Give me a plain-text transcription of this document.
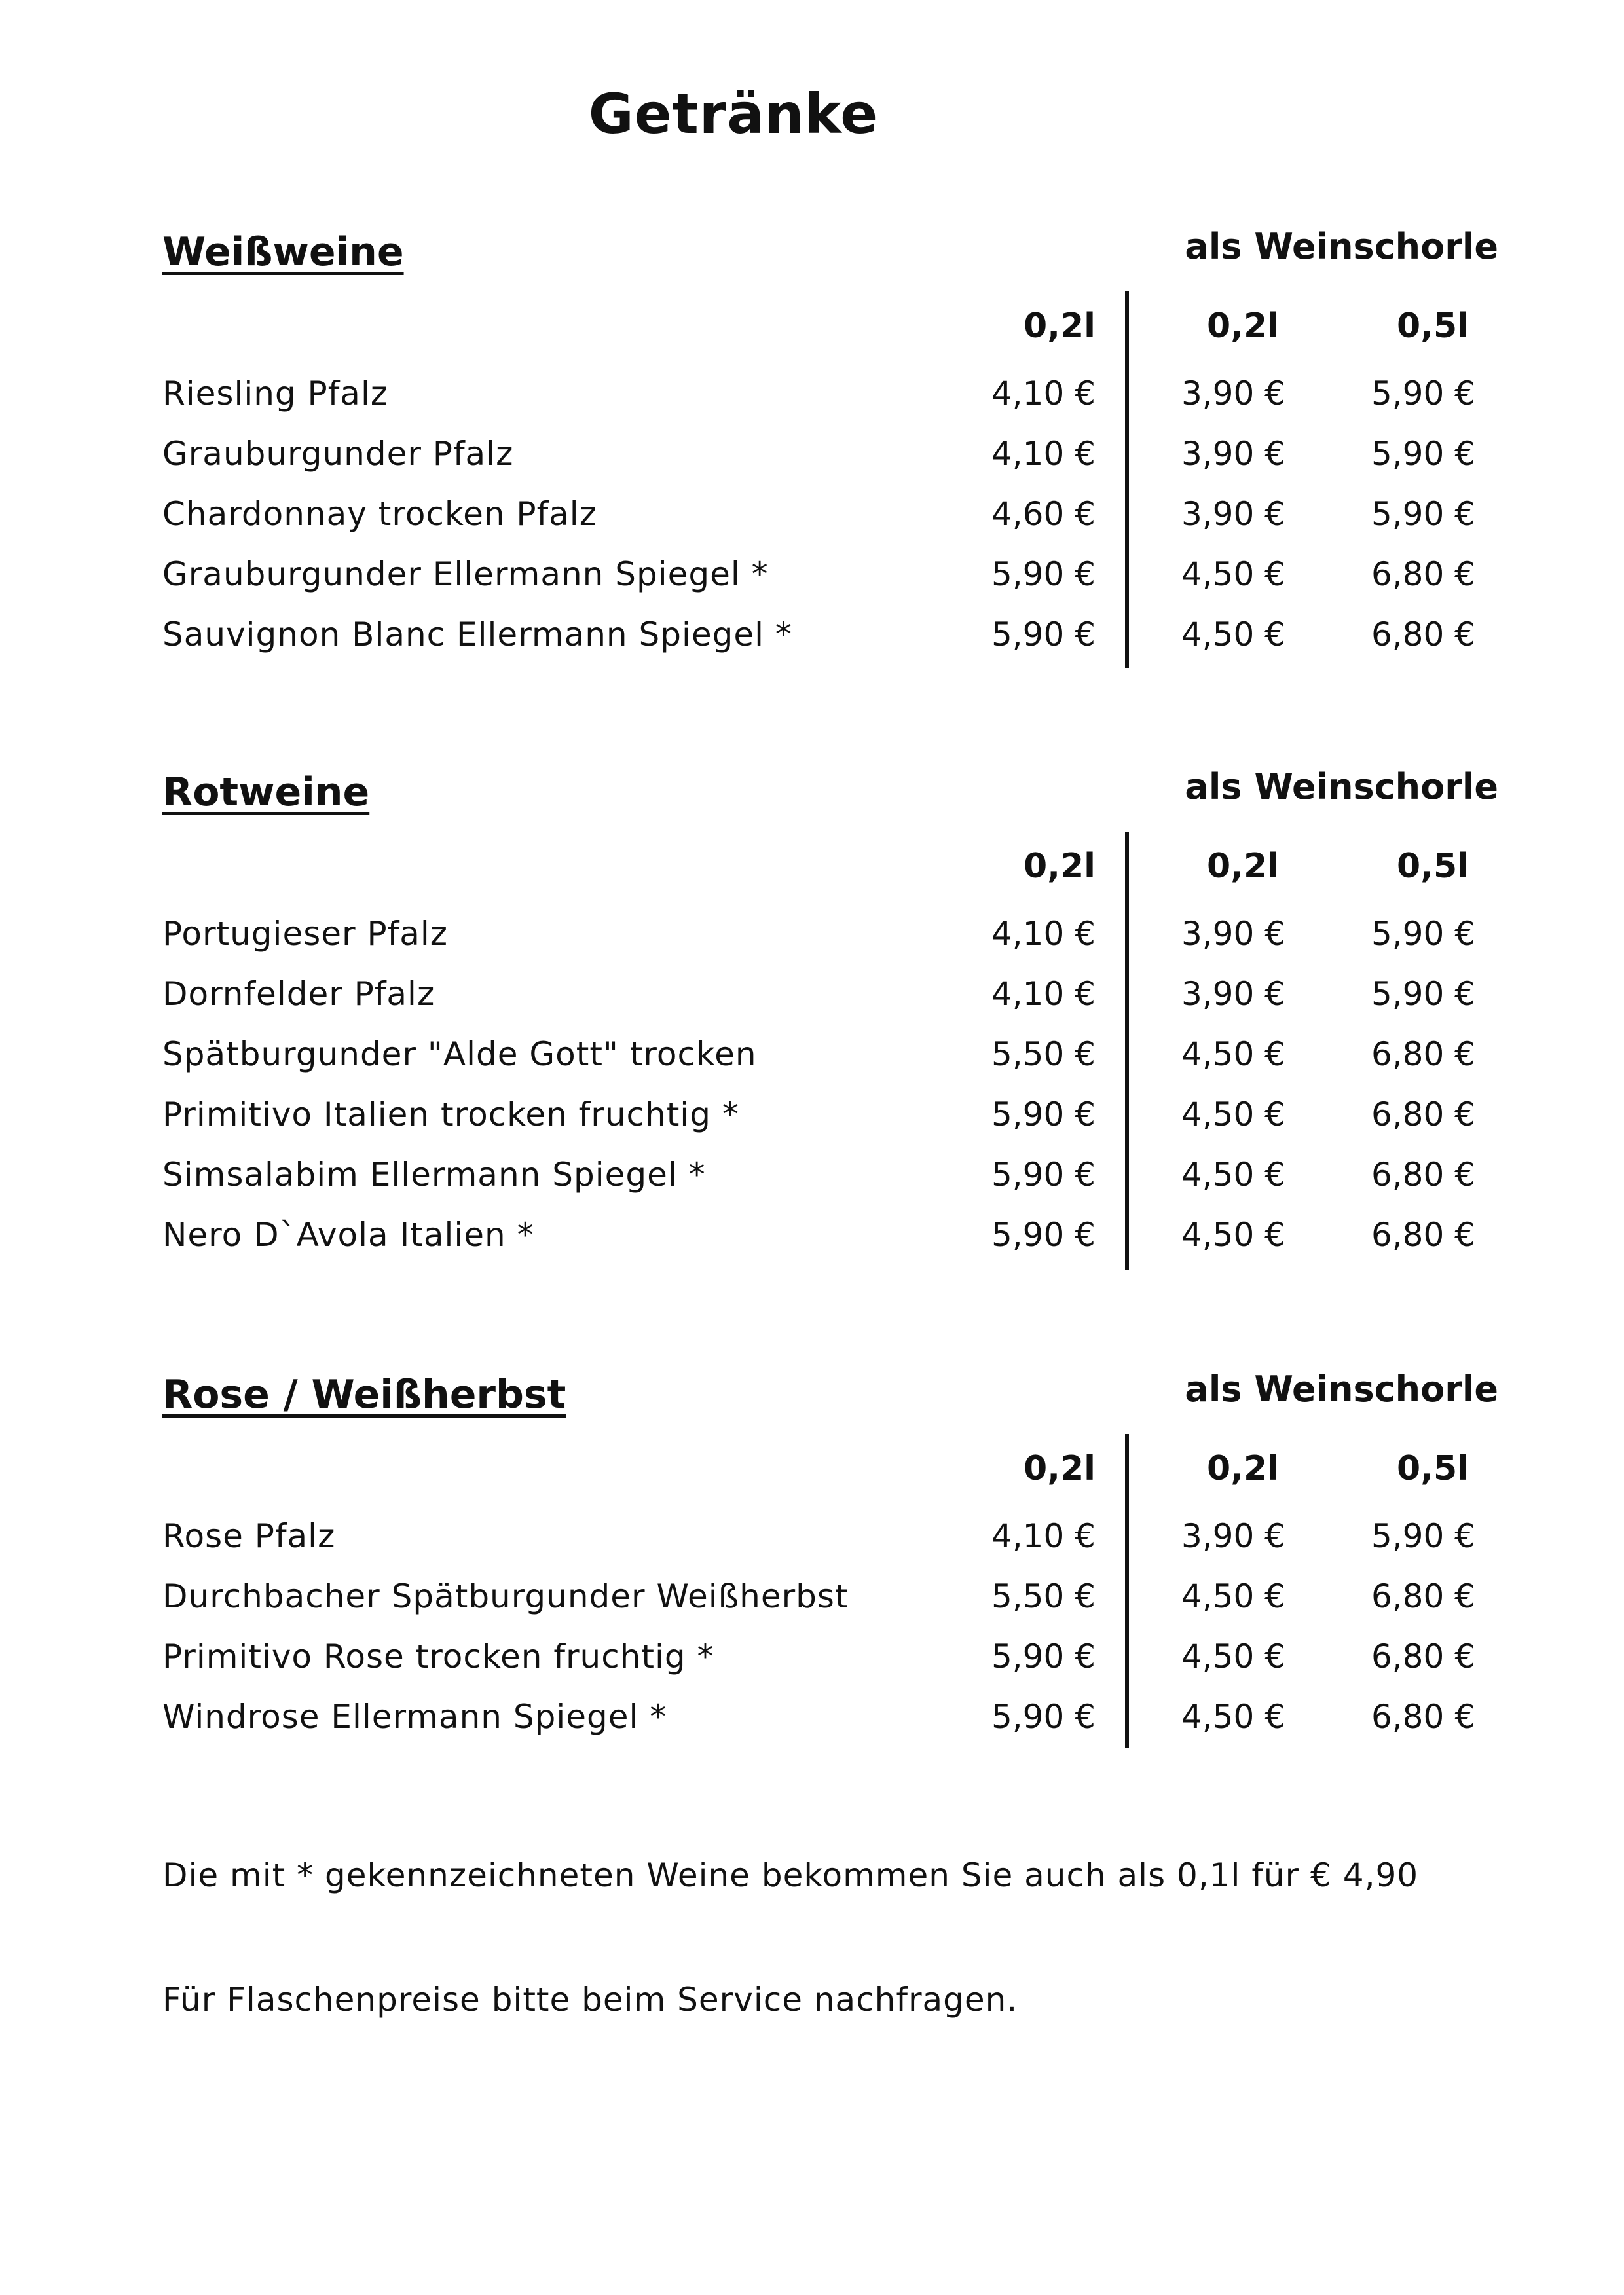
Getränke
Weißweine	als Weinschorle
0,2l	0,2l	0,5l
Riesling Pfalz	4,10 €	3,90 €	5,90 €
Grauburgunder Pfalz	4,10 €	3,90 €	5,90 €
Chardonnay trocken Pfalz	4,60 €	3,90 €	5,90 €
Grauburgunder Ellermann Spiegel *	5,90 €	4,50 €	6,80 €
Sauvignon Blanc Ellermann Spiegel *	5,90 €	4,50 €	6,80 €
Rotweine	als Weinschorle
0,2l	0,2l	0,5l
Portugieser Pfalz	4,10 €	3,90 €	5,90 €
Dornfelder Pfalz	4,10 €	3,90 €	5,90 €
Spätburgunder "Alde Gott" trocken	5,50 €	4,50 €	6,80 €
Primitivo Italien trocken fruchtig *	5,90 €	4,50 €	6,80 €
Simsalabim Ellermann Spiegel *	5,90 €	4,50 €	6,80 €
Nero D`Avola Italien *	5,90 €	4,50 €	6,80 €
Rose / Weißherbst	als Weinschorle
0,2l	0,2l	0,5l
Rose Pfalz	4,10 €	3,90 €	5,90 €
Durchbacher Spätburgunder Weißherbst	5,50 €	4,50 €	6,80 €
Primitivo Rose trocken fruchtig *	5,90 €	4,50 €	6,80 €
Windrose Ellermann Spiegel *	5,90 €	4,50 €	6,80 €
Die mit * gekennzeichneten Weine bekommen Sie auch als 0,1l für € 4,90
Für Flaschenpreise bitte beim Service nachfragen.
